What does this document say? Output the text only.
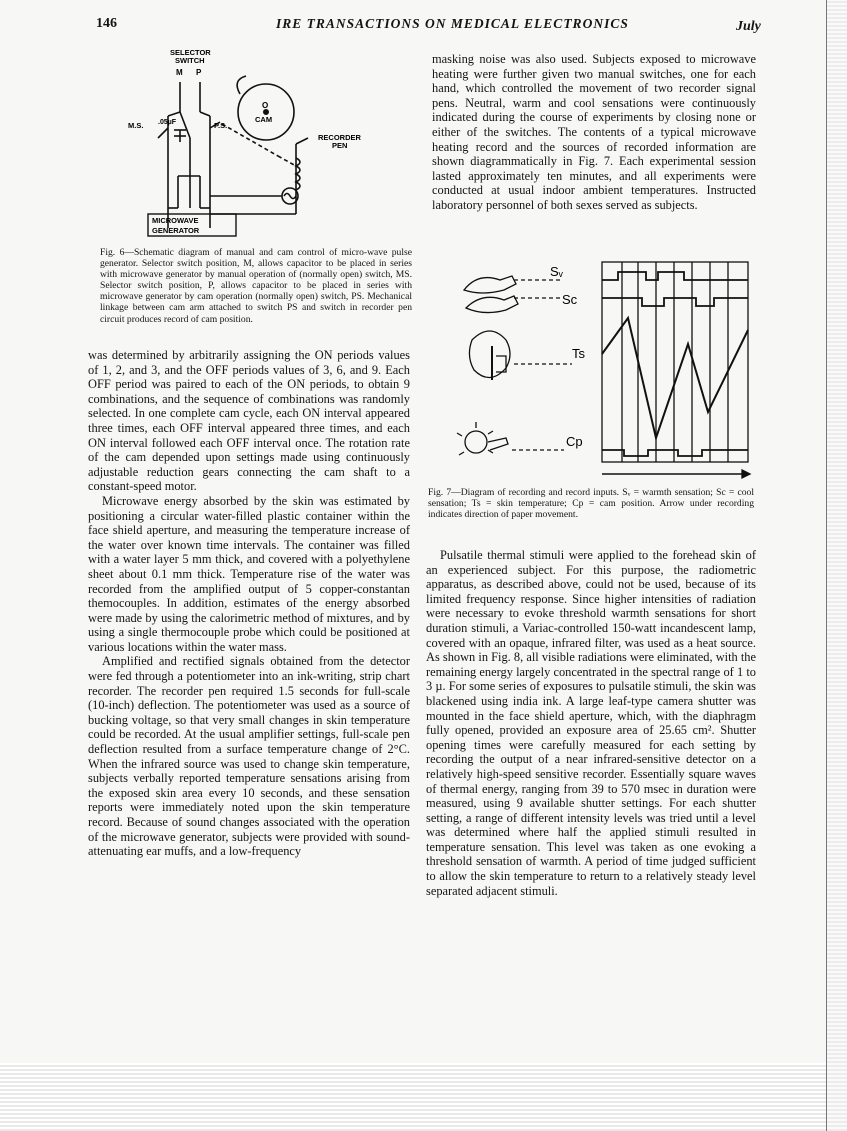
146	IRE TRANSACTIONS ON MEDICAL ELECTRONICS	July
SELECTOR
SWITCH
M P
O
CAM
M.S. .05µF	P.S.
RECORDER
PEN
MICROWAVE
GENERATOR
Fig. 6—Schematic diagram of manual and cam control of micro-wave pulse generator. Selector switch position, M, allows capacitor to be placed in series with microwave generator by manual operation of (normally open) switch, MS. Selector switch position, P, allows capacitor to be placed in series with microwave generator by cam operation (normally open) switch, PS. Mechanical linkage between cam arm attached to switch PS and switch in recorder pen circuit produces record of cam position.
Sᵥ
Sc
Ts
Cp
Fig. 7—Diagram of recording and record inputs. Sᵥ = warmth sensation; Sc = cool sensation; Ts = skin temperature; Cp = cam position. Arrow under recording indicates direction of paper movement.

was determined by arbitrarily assigning the ON periods values of 1, 2, and 3, and the OFF periods values of 3, 6, and 9. Each OFF period was paired to each of the ON periods, to obtain 9 combinations, and the sequence of combinations was randomly selected. In one complete cam cycle, each ON interval appeared three times, each OFF interval appeared three times, and each ON interval followed each OFF interval once. The rotation rate of the cam depended upon settings made using continuously adjustable reduction gears connecting the cam shaft to a constant-speed motor.

Microwave energy absorbed by the skin was estimated by positioning a circular water-filled plastic container within the face shield aperture, and measuring the temperature increase of the water over known time intervals. The container was filled with a water layer 5 mm thick, and covered with a polyethylene sheet about 0.1 mm thick. Temperature rise of the water was recorded from the amplified output of 5 copper-constantan themocouples. In addition, estimates of the energy absorbed were made by using the calorimetric method of mixtures, and by using a single thermocouple probe which could be positioned at various locations within the water mass.

Amplified and rectified signals obtained from the detector were fed through a potentiometer into an ink-writing, strip chart recorder. The recorder pen required 1.5 seconds for full-scale (10-inch) deflection. The potentiometer was used as a source of bucking voltage, so that very small changes in skin temperature could be recorded. At the usual amplifier settings, full-scale pen deflection resulted from a surface temperature change of 2°C. When the infrared source was used to change skin temperature, subjects verbally reported temperature sensations arising from the exposed skin area every 10 seconds, and these sensation reports were immediately noted upon the skin temperature record. Because of sound changes associated with the operation of the microwave generator, subjects were provided with sound-attenuating ear muffs, and a low-frequency

masking noise was also used. Subjects exposed to microwave heating were further given two manual switches, one for each hand, which controlled the movement of two recorder signal pens. Neutral, warm and cool sensations were continuously indicated during the course of experiments by closing none or either of the switches. The contents of a typical microwave heating record and the sources of recorded information are shown diagrammatically in Fig. 7. Each experimental session lasted approximately ten minutes, and all experiments were conducted at usual indoor ambient temperatures. Instructed laboratory personnel of both sexes served as subjects.

Pulsatile thermal stimuli were applied to the forehead skin of an experienced subject. For this purpose, the radiometric apparatus, as described above, could not be used, because of its limited frequency response. Since higher intensities of radiation were necessary to evoke threshold warmth sensations for short duration stimuli, a Variac-controlled 150-watt incandescent lamp, covered with an opaque, infrared filter, was used as a heat source. As shown in Fig. 8, all visible radiations were eliminated, with the remaining energy largely concentrated in the spectral range of 1 to 3 µ. For some series of exposures to pulsatile stimuli, the skin was blackened using india ink. A large leaf-type camera shutter was mounted in the face shield aperture, which, with the diaphragm fully opened, provided an exposure area of 25.65 cm². Shutter opening times were carefully measured for each setting by recording the output of a near infrared-sensitive detector on a relatively high-speed sensitive recorder. Essentially square waves of thermal energy, ranging from 39 to 570 msec in duration were measured, using 9 available shutter settings. For each shutter setting, a range of different intensity levels was tried until a level was determined where half the applied stimuli resulted in temperature sensation. This level was taken as one evoking a threshold sensation of warmth. A period of time judged sufficient to allow the skin temperature to return to a relatively steady level separated adjacent stimuli.
